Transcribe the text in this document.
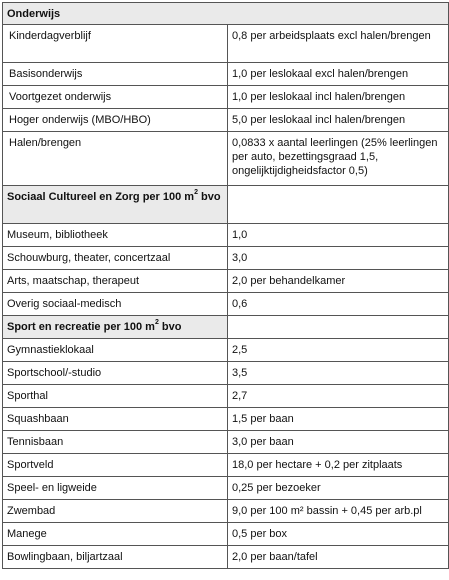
Onderwijs	

Kinderdagverblijf	0,8 per arbeidsplaats excl halen/brengen

Basisonderwijs	1,0 per leslokaal excl halen/brengen

Voortgezet onderwijs	1,0 per leslokaal incl halen/brengen

Hoger onderwijs (MBO/HBO)	5,0 per leslokaal incl halen/brengen

Halen/brengen	0,0833 x aantal leerlingen (25% leerlingen per auto, bezettingsgraad 1,5, ongelijktijdigheidsfactor 0,5)

Sociaal Cultureel en Zorg per 100 $m^2$ bvo	

Museum, bibliotheek	1,0

Schouwburg, theater, concertzaal	3,0

Arts, maatschap, therapeut	2,0 per behandelkamer

Overig sociaal-medisch	0,6

Sport en recreatie per 100 $m^2$ bvo	

Gymnastieklokaal	2,5

Sportschool/-studio	3,5

Sporthal	2,7

Squashbaan	1,5 per baan

Tennisbaan	3,0 per baan

Sportveld	18,0 per hectare + 0,2 per zitplaats

Speel- en ligweide	0,25 per bezoeker

Zwembad	9,0 per 100 m² bassin + 0,45 per arb.pl

Manege	0,5 per box

Bowlingbaan, biljartzaal	2,0 per baan/tafel
